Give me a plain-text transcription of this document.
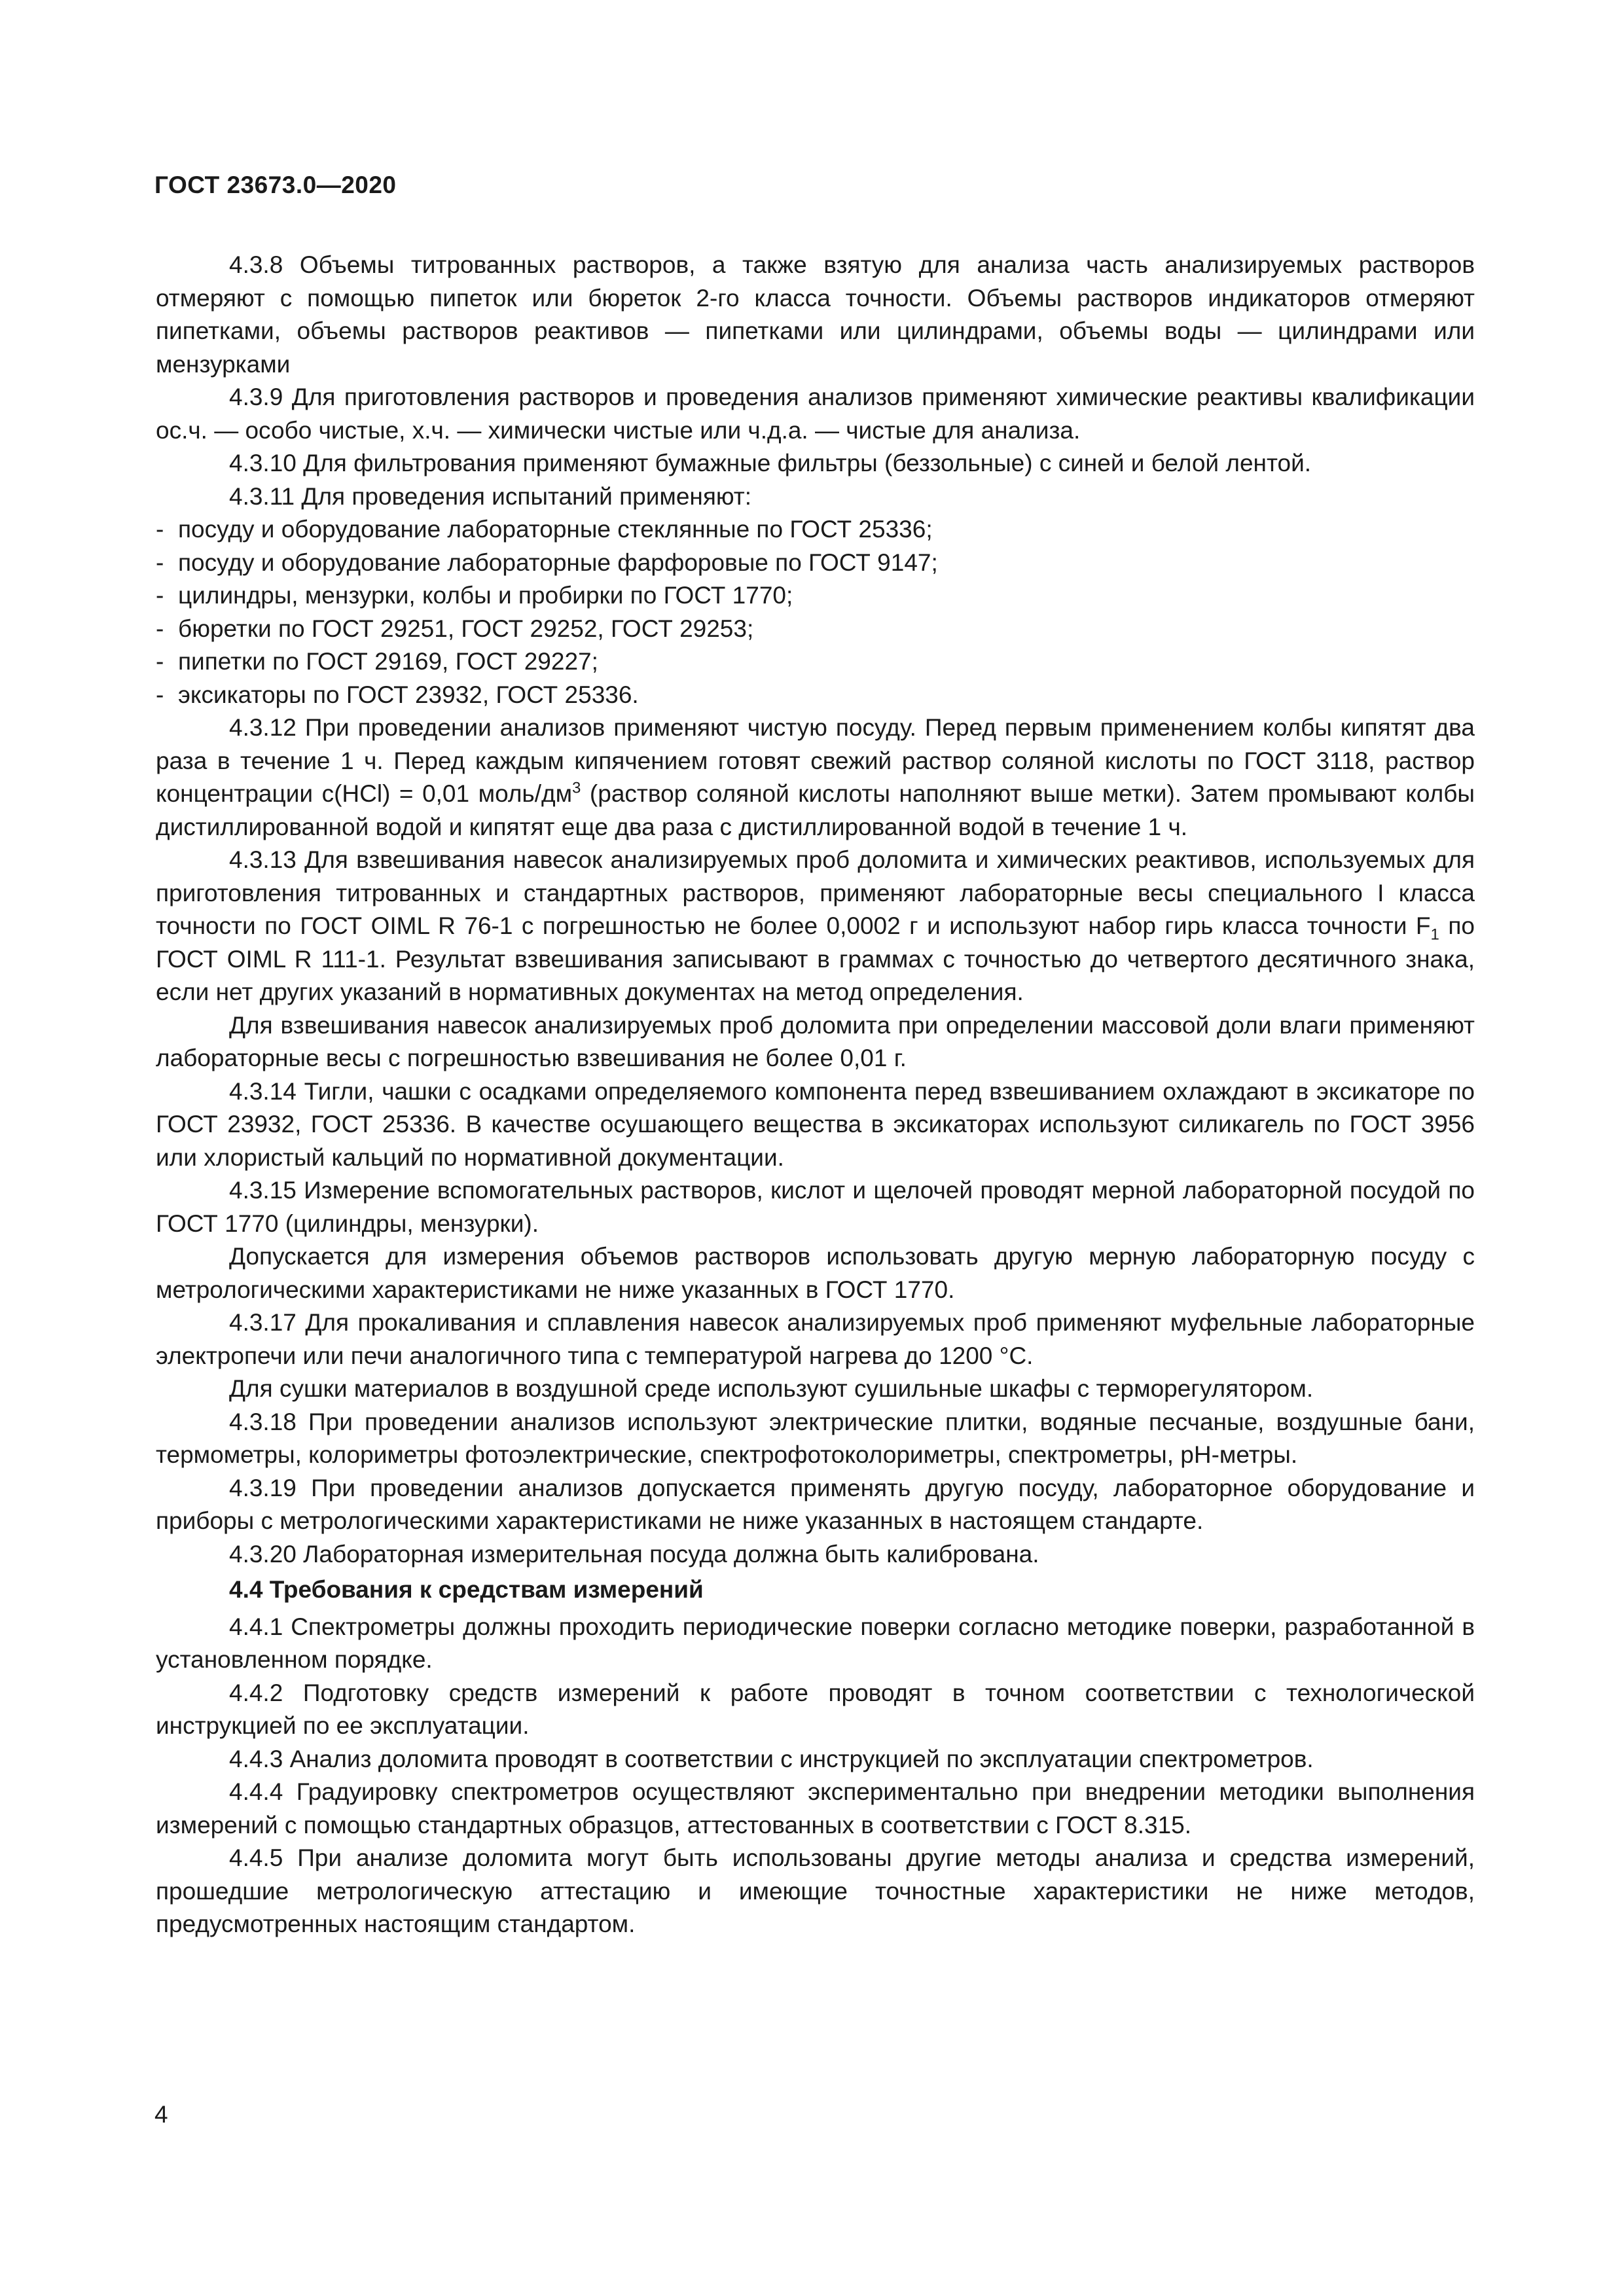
ГОСТ 23673.0—2020

4.3.8 Объемы титрованных растворов, а также взятую для анализа часть анализируемых растворов отмеряют с помощью пипеток или бюреток 2-го класса точности. Объемы растворов индикаторов отмеряют пипетками, объемы растворов реактивов — пипетками или цилиндрами, объемы воды — цилиндрами или мензурками

4.3.9 Для приготовления растворов и проведения анализов применяют химические реактивы квалификации ос.ч. — особо чистые, х.ч. — химически чистые или ч.д.а. — чистые для анализа.

4.3.10 Для фильтрования применяют бумажные фильтры (беззольные) с синей и белой лентой.

4.3.11 Для проведения испытаний применяют:

- посуду и оборудование лабораторные стеклянные по ГОСТ 25336;
- посуду и оборудование лабораторные фарфоровые по ГОСТ 9147;
- цилиндры, мензурки, колбы и пробирки по ГОСТ 1770;
- бюретки по ГОСТ 29251, ГОСТ 29252, ГОСТ 29253;
- пипетки по ГОСТ 29169, ГОСТ 29227;
- эксикаторы по ГОСТ 23932, ГОСТ 25336.

4.3.12 При проведении анализов применяют чистую посуду. Перед первым применением колбы кипятят два раза в течение 1 ч. Перед каждым кипячением готовят свежий раствор соляной кислоты по ГОСТ 3118, раствор концентрации с(HCl) = 0,01 моль/$дм^3$ (раствор соляной кислоты наполняют выше метки). Затем промывают колбы дистиллированной водой и кипятят еще два раза с дистиллированной водой в течение 1 ч.

4.3.13 Для взвешивания навесок анализируемых проб доломита и химических реактивов, используемых для приготовления титрованных и стандартных растворов, применяют лабораторные весы специального I класса точности по ГОСТ OIML R 76-1 с погрешностью не более 0,0002 г и используют набор гирь класса точности $F_1$ по ГОСТ OIML R 111-1. Результат взвешивания записывают в граммах с точностью до четвертого десятичного знака, если нет других указаний в нормативных документах на метод определения.

Для взвешивания навесок анализируемых проб доломита при определении массовой доли влаги применяют лабораторные весы с погрешностью взвешивания не более 0,01 г.

4.3.14 Тигли, чашки с осадками определяемого компонента перед взвешиванием охлаждают в эксикаторе по ГОСТ 23932, ГОСТ 25336. В качестве осушающего вещества в эксикаторах используют силикагель по ГОСТ 3956 или хлористый кальций по нормативной документации.

4.3.15 Измерение вспомогательных растворов, кислот и щелочей проводят мерной лабораторной посудой по ГОСТ 1770 (цилиндры, мензурки).

Допускается для измерения объемов растворов использовать другую мерную лабораторную посуду с метрологическими характеристиками не ниже указанных в ГОСТ 1770.

4.3.17 Для прокаливания и сплавления навесок анализируемых проб применяют муфельные лабораторные электропечи или печи аналогичного типа с температурой нагрева до 1200 °С.

Для сушки материалов в воздушной среде используют сушильные шкафы с терморегулятором.

4.3.18 При проведении анализов используют электрические плитки, водяные песчаные, воздушные бани, термометры, колориметры фотоэлектрические, спектрофотоколориметры, спектрометры, pH-метры.

4.3.19 При проведении анализов допускается применять другую посуду, лабораторное оборудование и приборы с метрологическими характеристиками не ниже указанных в настоящем стандарте.

4.3.20 Лабораторная измерительная посуда должна быть калибрована.

4.4 Требования к средствам измерений

4.4.1 Спектрометры должны проходить периодические поверки согласно методике поверки, разработанной в установленном порядке.

4.4.2 Подготовку средств измерений к работе проводят в точном соответствии с технологической инструкцией по ее эксплуатации.

4.4.3 Анализ доломита проводят в соответствии с инструкцией по эксплуатации спектрометров.

4.4.4 Градуировку спектрометров осуществляют экспериментально при внедрении методики выполнения измерений с помощью стандартных образцов, аттестованных в соответствии с ГОСТ 8.315.

4.4.5 При анализе доломита могут быть использованы другие методы анализа и средства измерений, прошедшие метрологическую аттестацию и имеющие точностные характеристики не ниже методов, предусмотренных настоящим стандартом.

4
